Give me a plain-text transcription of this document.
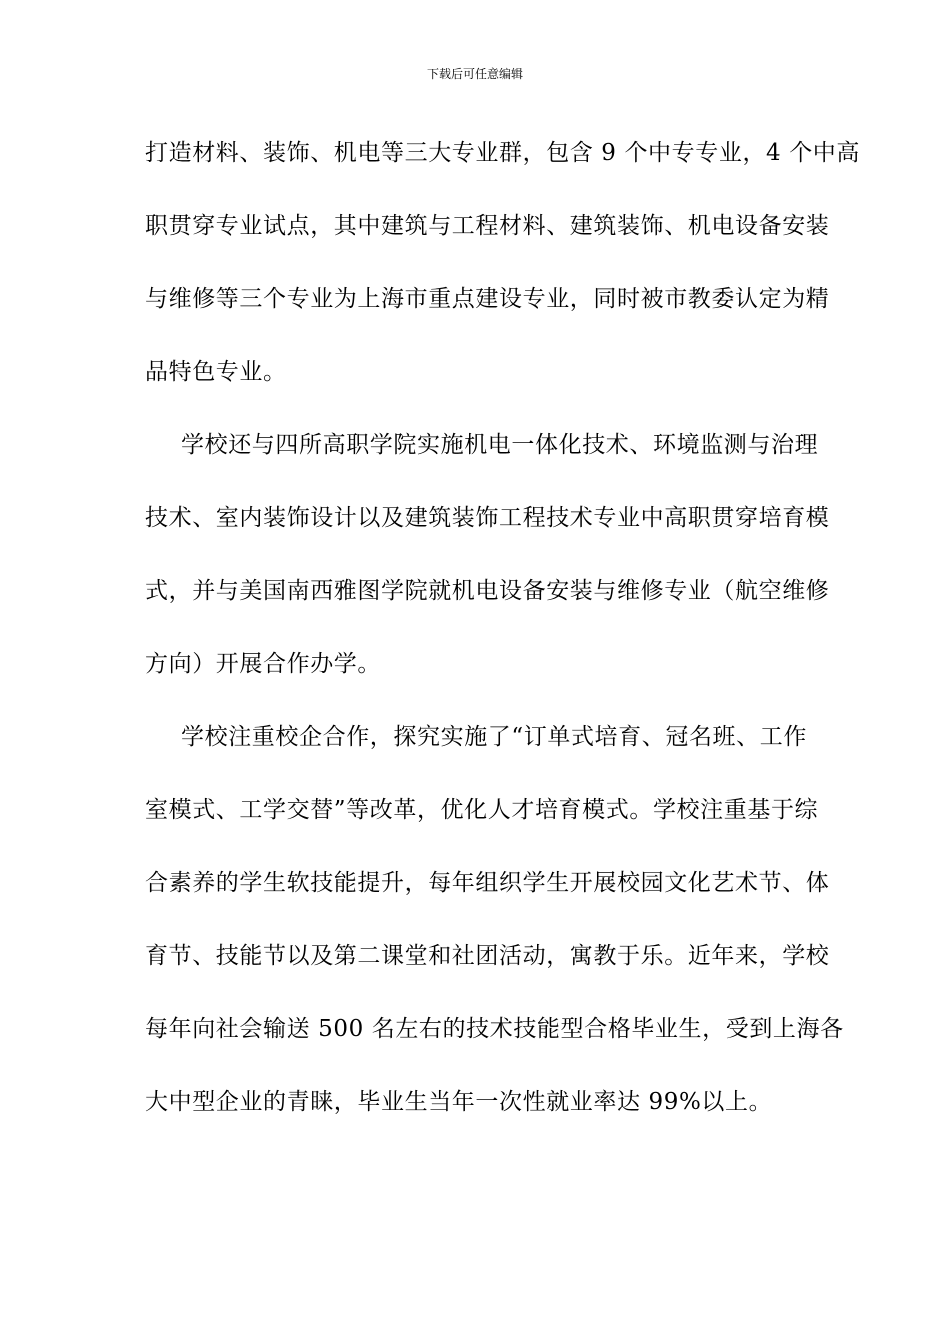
下载后可任意编辑
打造材料、装饰、机电等三大专业群，包含 9 个中专专业，4 个中高
职贯穿专业试点，其中建筑与工程材料、建筑装饰、机电设备安装
与维修等三个专业为上海市重点建设专业，同时被市教委认定为精
品特色专业。
学校还与四所高职学院实施机电一体化技术、环境监测与治理
技术、室内装饰设计以及建筑装饰工程技术专业中高职贯穿培育模
式，并与美国南西雅图学院就机电设备安装与维修专业（航空维修
方向）开展合作办学。
学校注重校企合作，探究实施了“订单式培育、冠名班、工作
室模式、工学交替”等改革，优化人才培育模式。学校注重基于综
合素养的学生软技能提升，每年组织学生开展校园文化艺术节、体
育节、技能节以及第二课堂和社团活动，寓教于乐。近年来，学校
每年向社会输送 500 名左右的技术技能型合格毕业生，受到上海各
大中型企业的青睐，毕业生当年一次性就业率达 99%以上。
